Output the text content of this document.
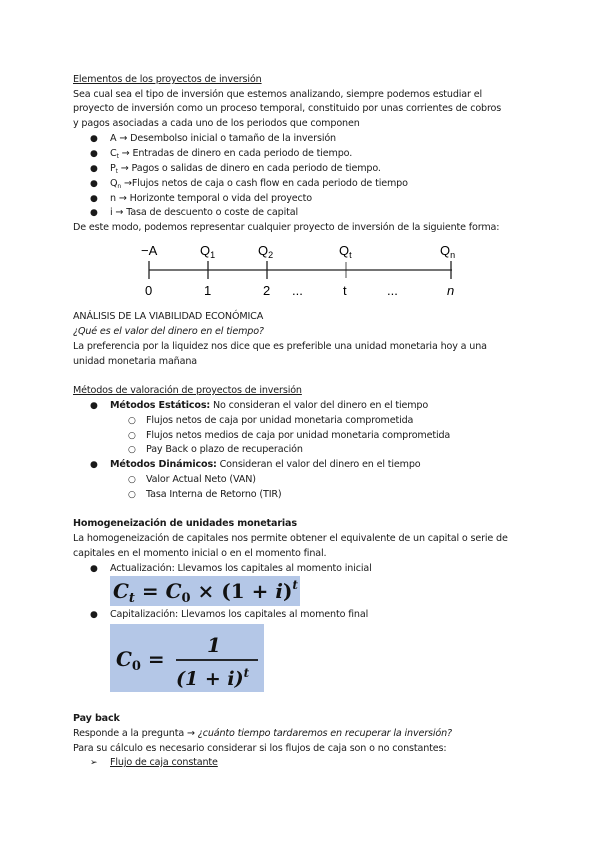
Elementos de los proyectos de inversión
Sea cual sea el tipo de inversión que estemos analizando, siempre podemos estudiar el
proyecto de inversión como un proceso temporal, constituido por unas corrientes de cobros
y pagos asociadas a cada uno de los periodos que componen
● A → Desembolso inicial o tamaño de la inversión
● $C_t$ → Entradas de dinero en cada periodo de tiempo.
● $P_t$ → Pagos o salidas de dinero en cada periodo de tiempo.
● $Q_n$ →Flujos netos de caja o cash flow en cada periodo de tiempo
● n → Horizonte temporal o vida del proyecto
● i → Tasa de descuento o coste de capital
De este modo, podemos representar cualquier proyecto de inversión de la siguiente forma:
−A	$Q_1$	$Q_2$	$Q_t$	$Q_n$
0	1	2 ...	t	...	n
ANÁLISIS DE LA VIABILIDAD ECONÓMICA
¿Qué es el valor del dinero en el tiempo?
La preferencia por la liquidez nos dice que es preferible una unidad monetaria hoy a una
unidad monetaria mañana
Métodos de valoración de proyectos de inversión
● Métodos Estáticos: No consideran el valor del dinero en el tiempo
○ Flujos netos de caja por unidad monetaria comprometida
○ Flujos netos medios de caja por unidad monetaria comprometida
○ Pay Back o plazo de recuperación
● Métodos Dinámicos: Consideran el valor del dinero en el tiempo
○ Valor Actual Neto (VAN)
○ Tasa Interna de Retorno (TIR)
Homogeneización de unidades monetarias
La homogeneización de capitales nos permite obtener el equivalente de un capital o serie de
capitales en el momento inicial o en el momento final.
● Actualización: Llevamos los capitales al momento inicial
$C_t = C_0 \times (1 + i)^t$
● Capitalización: Llevamos los capitales al momento final
$C_0$ =
1
$(1 + i)^t$
Pay back
Responde a la pregunta → ¿cuánto tiempo tardaremos en recuperar la inversión?
Para su cálculo es necesario considerar si los flujos de caja son o no constantes:
➢ Flujo de caja constante
